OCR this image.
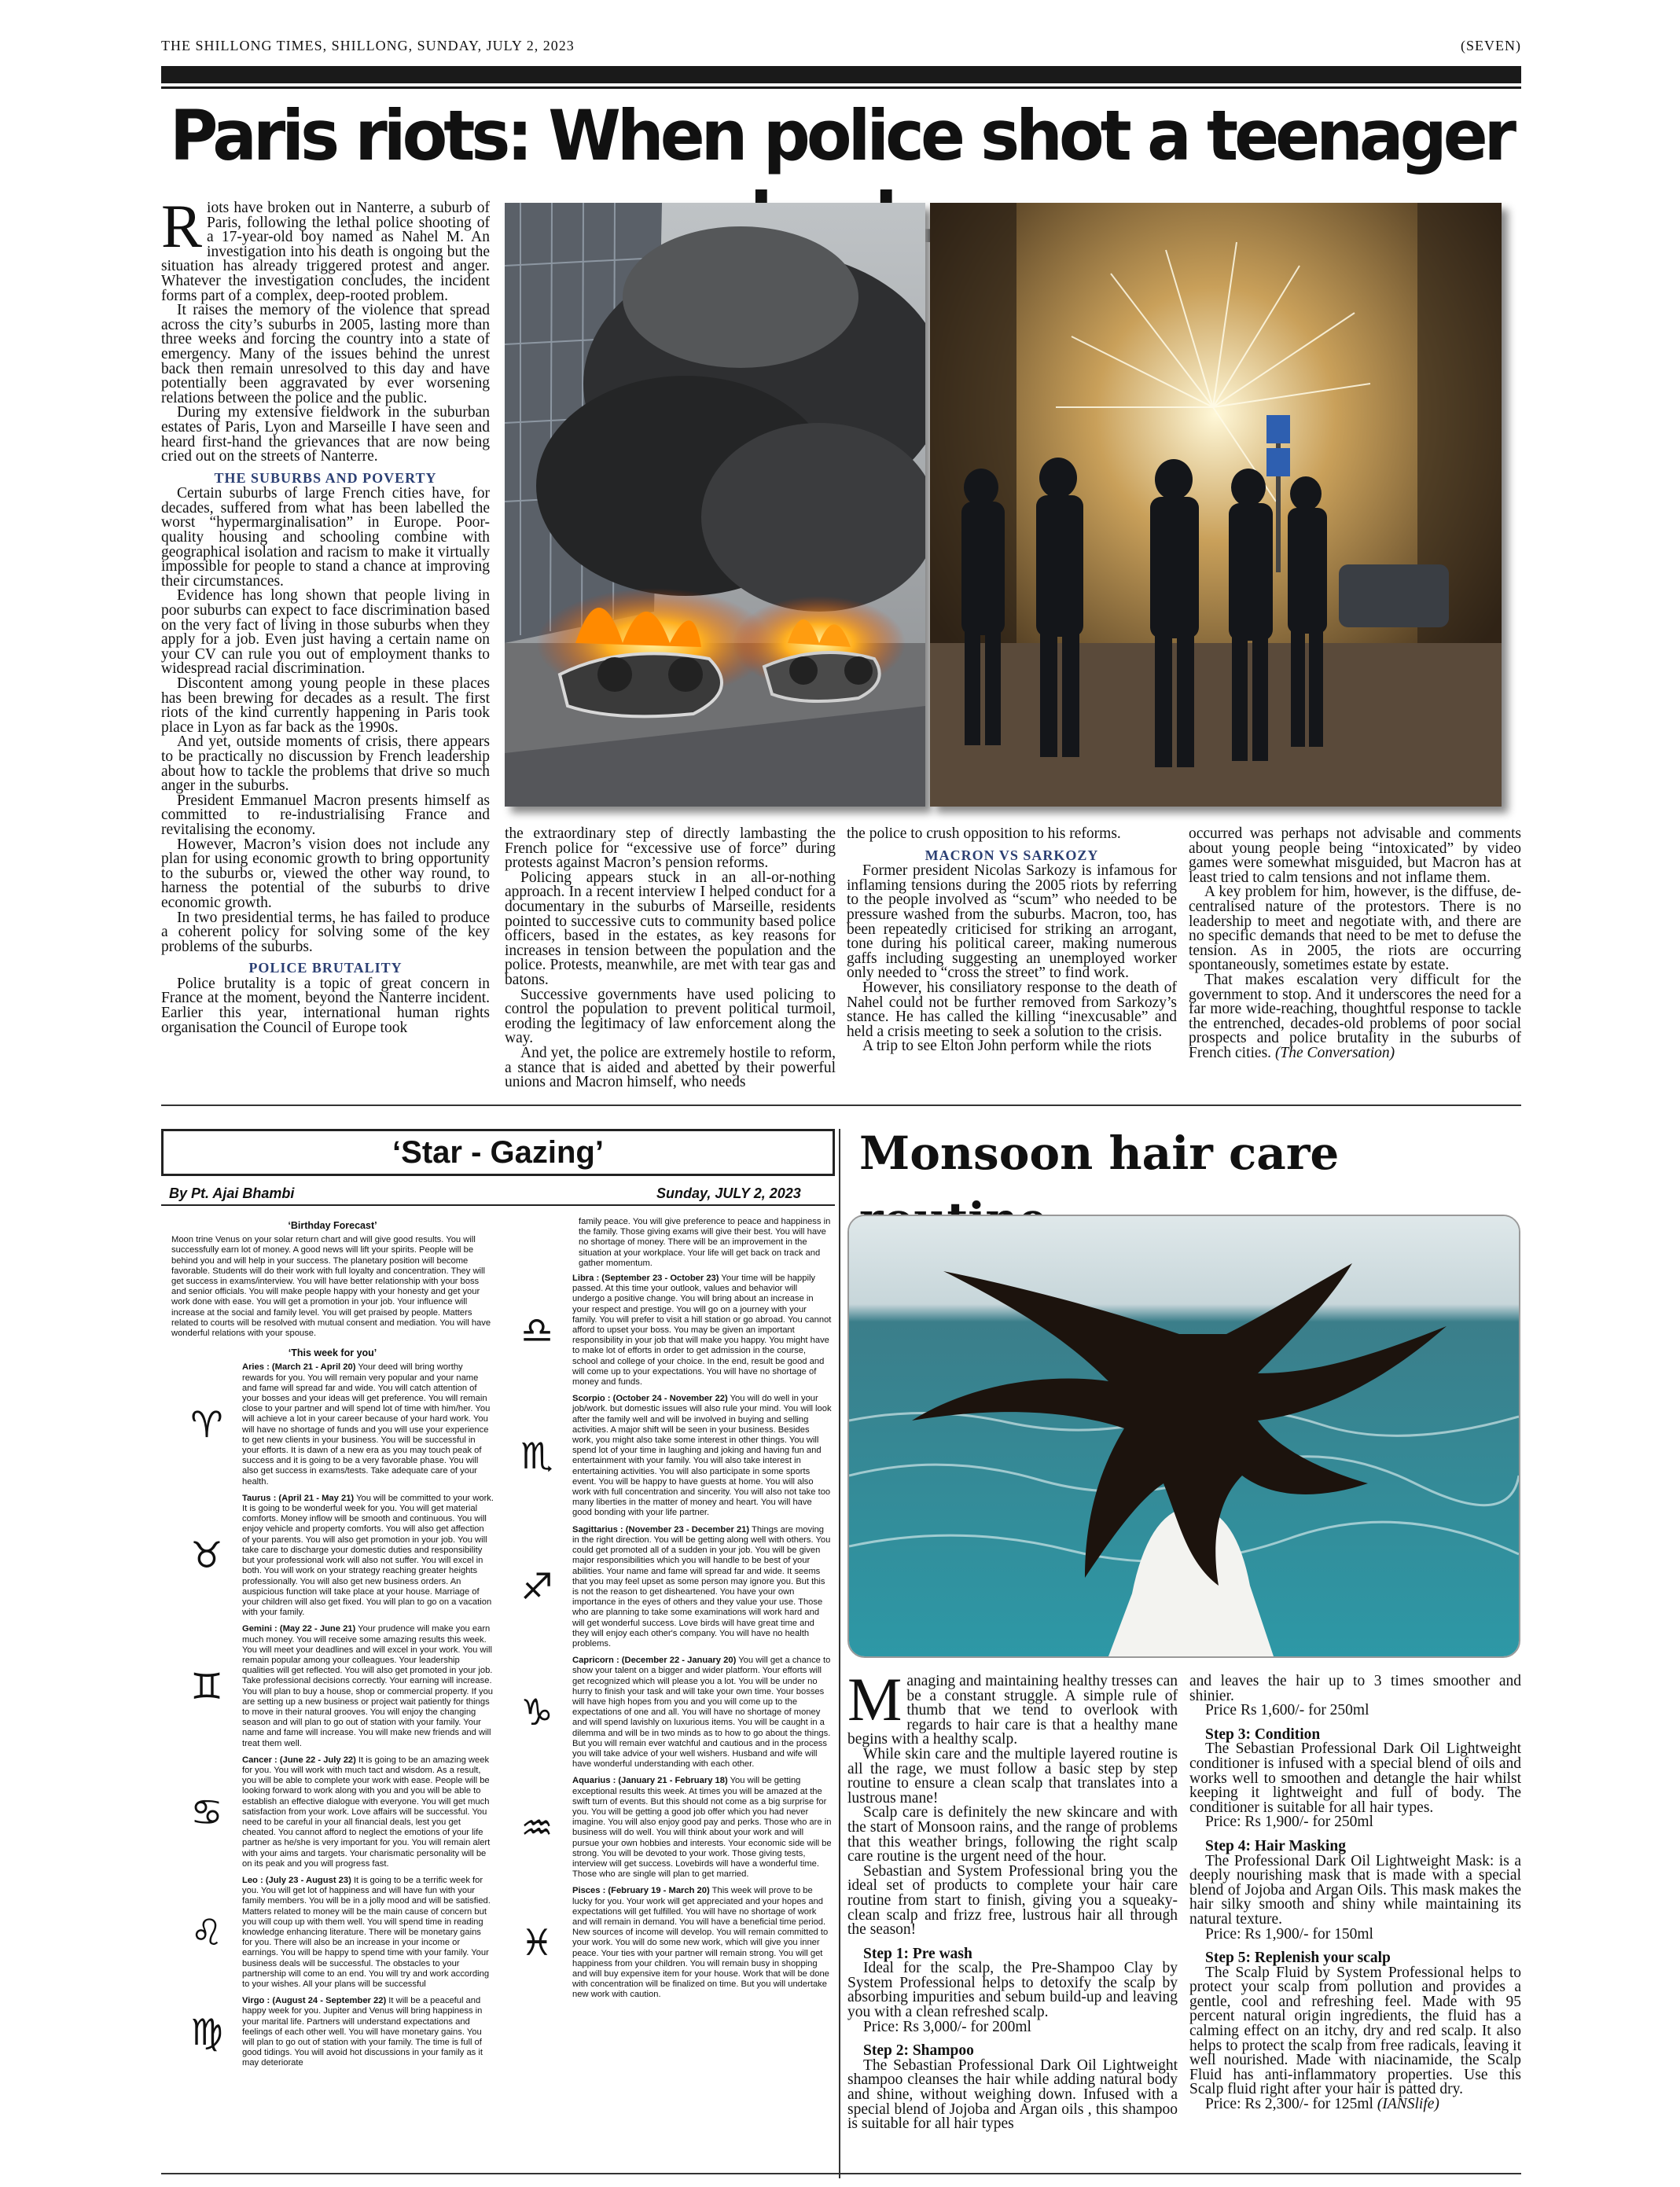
THE SHILLONG TIMES, SHILLONG, SUNDAY, JULY 2, 2023	(SEVEN)
Paris riots: When police shot a teenager

Riots have broken out in Nanterre, a suburb of Paris, following the lethal police shooting of a 17-year-old boy named as Nahel M. An investigation into his death is ongoing but the situation has already triggered protest and anger. Whatever the investigation concludes, the incident forms part of a complex, deep-rooted problem.

It raises the memory of the violence that spread across the city’s suburbs in 2005, lasting more than three weeks and forcing the country into a state of emergency. Many of the issues behind the unrest back then remain unresolved to this day and have potentially been aggravated by ever worsening relations between the police and the public.

During my extensive fieldwork in the suburban estates of Paris, Lyon and Marseille I have seen and heard first-hand the grievances that are now being cried out on the streets of Nanterre.

THE SUBURBS AND POVERTY

Certain suburbs of large French cities have, for decades, suffered from what has been labelled the worst “hypermarginalisation” in Europe. Poor-quality housing and schooling combine with geographical isolation and racism to make it virtually impossible for people to stand a chance at improving their circumstances.

Evidence has long shown that people living in poor suburbs can expect to face discrimination based on the very fact of living in those suburbs when they apply for a job. Even just having a certain name on your CV can rule you out of employment thanks to widespread racial discrimination.

Discontent among young people in these places has been brewing for decades as a result. The first riots of the kind currently happening in Paris took place in Lyon as far back as the 1990s.

And yet, outside moments of crisis, there appears to be practically no discussion by French leadership about how to tackle the problems that drive so much anger in the suburbs.

President Emmanuel Macron presents himself as committed to re-industrialising France and revitalising the economy.

However, Macron’s vision does not include any plan for using economic growth to bring opportunity to the suburbs or, viewed the other way round, to harness the potential of the suburbs to drive economic growth.

In two presidential terms, he has failed to produce a coherent policy for solving some of the key problems of the suburbs.

POLICE BRUTALITY

Police brutality is a topic of great concern in France at the moment, beyond the Nanterre incident. Earlier this year, international human rights organisation the Council of Europe took

the extraordinary step of directly lambasting the French police for “excessive use of force” during protests against Macron’s pension reforms.

Policing appears stuck in an all-or-nothing approach. In a recent interview I helped conduct for a documentary in the suburbs of Marseille, residents pointed to successive cuts to community based police officers, based in the estates, as key reasons for increases in tension between the population and the police. Protests, meanwhile, are met with tear gas and batons.

Successive governments have used policing to control the population to prevent political turmoil, eroding the legitimacy of law enforcement along the way.

And yet, the police are extremely hostile to reform, a stance that is aided and abetted by their powerful unions and Macron himself, who needs

the police to crush opposition to his reforms.

MACRON VS SARKOZY

Former president Nicolas Sarkozy is infamous for inflaming tensions during the 2005 riots by referring to the people involved as “scum” who needed to be pressure washed from the suburbs. Macron, too, has been repeatedly criticised for striking an arrogant, tone during his political career, making numerous gaffs including suggesting an unemployed worker only needed to “cross the street” to find work.

However, his consiliatory response to the death of Nahel could not be further removed from Sarkozy’s stance. He has called the killing “inexcusable” and held a crisis meeting to seek a solution to the crisis.

A trip to see Elton John perform while the riots

occurred was perhaps not advisable and comments about young people being “intoxicated” by video games were somewhat misguided, but Macron has at least tried to calm tensions and not inflame them.

A key problem for him, however, is the diffuse, de-centralised nature of the protestors. There is no leadership to meet and negotiate with, and there are no specific demands that need to be met to defuse the tension. As in 2005, the riots are occurring spontaneously, sometimes estate by estate.

That makes escalation very difficult for the government to stop. And it underscores the need for a far more wide-reaching, thoughtful response to tackle the entrenched, decades-old problems of poor social prospects and police brutality in the suburbs of French cities. (The Conversation)

‘Star - Gazing’
By Pt. Ajai Bhambi	Sunday, JULY 2, 2023
‘Birthday Forecast’
Moon trine Venus on your solar return chart and will give good results. You will successfully earn lot of money. A good news will lift your spirits. People will be behind you and will help in your success. The planetary position will become favorable. Students will do their work with full loyalty and concentration. They will get success in exams/interview. You will have better relationship with your boss and senior officials. You will make people happy with your honesty and get your work done with ease. You will get a promotion in your job. Your influence will increase at the social and family level. You will get praised by people. Matters related to courts will be resolved with mutual consent and mediation. You will have wonderful relations with your spouse.
‘This week for you’
♈
Aries : (March 21 - April 20) Your deed will bring worthy rewards for you. You will remain very popular and your name and fame will spread far and wide. You will catch attention of your bosses and your ideas will get preference. You will remain close to your partner and will spend lot of time with him/her. You will achieve a lot in your career because of your hard work. You will have no shortage of funds and you will use your experience to get new clients in your business. You will be successful in your efforts. It is dawn of a new era as you may touch peak of success and it is going to be a very favorable phase. You will also get success in exams/tests. Take adequate care of your health.
♉
Taurus : (April 21 - May 21) You will be committed to your work. It is going to be wonderful week for you. You will get material comforts. Money inflow will be smooth and continuous. You will enjoy vehicle and property comforts. You will also get affection of your parents. You will also get promotion in your job. You will take care to discharge your domestic duties and responsibility but your professional work will also not suffer. You will excel in both. You will work on your strategy reaching greater heights professionally. You will also get new business orders. An auspicious function will take place at your house. Marriage of your children will also get fixed. You will plan to go on a vacation with your family.
♊
Gemini : (May 22 - June 21) Your prudence will make you earn much money. You will receive some amazing results this week. You will meet your deadlines and will excel in your work. You will remain popular among your colleagues. Your leadership qualities will get reflected. You will also get promoted in your job. Take professional decisions correctly. Your earning will increase. You will plan to buy a house, shop or commercial property. If you are setting up a new business or project wait patiently for things to move in their natural grooves. You will enjoy the changing season and will plan to go out of station with your family. Your name and fame will increase. You will make new friends and will treat them well.
♋
Cancer : (June 22 - July 22) It is going to be an amazing week for you. You will work with much tact and wisdom. As a result, you will be able to complete your work with ease. People will be looking forward to work along with you and you will be able to establish an effective dialogue with everyone. You will get much satisfaction from your work. Love affairs will be successful. You need to be careful in your all financial deals, lest you get cheated. You cannot afford to neglect the emotions of your life partner as he/she is very important for you. You will remain alert with your aims and targets. Your charismatic personality will be on its peak and you will progress fast.
♌
Leo : (July 23 - August 23) It is going to be a terrific week for you. You will get lot of happiness and will have fun with your family members. You will be in a jolly mood and will be satisfied. Matters related to money will be the main cause of concern but you will coup up with them well. You will spend time in reading knowledge enhancing literature. There will be monetary gains for you. There will also be an increase in your income or earnings. You will be happy to spend time with your family. Your business deals will be successful. The obstacles to your partnership will come to an end. You will try and work according to your wishes. All your plans will be successful
♍
Virgo : (August 24 - September 22) It will be a peaceful and happy week for you. Jupiter and Venus will bring happiness in your marital life. Partners will understand expectations and feelings of each other well. You will have monetary gains. You will plan to go out of station with your family. The time is full of good tidings. You will avoid hot discussions in your family as it may deteriorate
family peace. You will give preference to peace and happiness in the family. Those giving exams will give their best. You will have no shortage of money. There will be an improvement in the situation at your workplace. Your life will get back on track and gather momentum.
♎
Libra : (September 23 - October 23) Your time will be happily passed. At this time your outlook, values and behavior will undergo a positive change. You will bring about an increase in your respect and prestige. You will go on a journey with your family. You will prefer to visit a hill station or go abroad. You cannot afford to upset your boss. You may be given an important responsibility in your job that will make you happy. You might have to make lot of efforts in order to get admission in the course, school and college of your choice. In the end, result be good and will come up to your expectations. You will have no shortage of money and funds.
♏
Scorpio : (October 24 - November 22) You will do well in your job/work. but domestic issues will also rule your mind. You will look after the family well and will be involved in buying and selling activities. A major shift will be seen in your business. Besides work, you might also take some interest in other things. You will spend lot of your time in laughing and joking and having fun and entertainment with your family. You will also take interest in entertaining activities. You will also participate in some sports event. You will be happy to have guests at home. You will also work with full concentration and sincerity. You will also not take too many liberties in the matter of money and heart. You will have good bonding with your life partner.
♐
Sagittarius : (November 23 - December 21) Things are moving in the right direction. You will be getting along well with others. You could get promoted all of a sudden in your job. You will be given major responsibilities which you will handle to be best of your abilities. Your name and fame will spread far and wide. It seems that you may feel upset as some person may ignore you. But this is not the reason to get disheartened. You have your own importance in the eyes of others and they value your use. Those who are planning to take some examinations will work hard and will get wonderful success. Love birds will have great time and they will enjoy each other's company. You will have no health problems.
♑
Capricorn : (December 22 - January 20) You will get a chance to show your talent on a bigger and wider platform. Your efforts will get recognized which will please you a lot. You will be under no hurry to finish your task and will take your own time. Your bosses will have high hopes from you and you will come up to the expectations of one and all. You will have no shortage of money and will spend lavishly on luxurious items. You will be caught in a dilemma and will be in two minds as to how to go about the things. But you will remain ever watchful and cautious and in the process you will take advice of your well wishers. Husband and wife will have wonderful understanding with each other.
♒
Aquarius : (January 21 - February 18) You will be getting exceptional results this week. At times you will be amazed at the swift turn of events. But this should not come as a big surprise for you. You will be getting a good job offer which you had never imagine. You will also enjoy good pay and perks. Those who are in business will do well. You will think about your work and will pursue your own hobbies and interests. Your economic side will be strong. You will be devoted to your work. Those giving tests, interview will get success. Lovebirds will have a wonderful time. Those who are single will plan to get married.
♓
Pisces : (February 19 - March 20) This week will prove to be lucky for you. Your work will get appreciated and your hopes and expectations will get fulfilled. You will have no shortage of work and will remain in demand. You will have a beneficial time period. New sources of income will develop. You will remain committed to your work. You will do some new work, which will give you inner peace. Your ties with your partner will remain strong. You will get happiness from your children. You will remain busy in shopping and will buy expensive item for your house. Work that will be done with concentration will be finalized on time. But you will undertake new work with caution.
Monsoon hair care

Managing and maintaining healthy tresses can be a constant struggle. A simple rule of thumb that we tend to overlook with regards to hair care is that a healthy mane begins with a healthy scalp.

While skin care and the multiple layered routine is all the rage, we must follow a basic step by step routine to ensure a clean scalp that translates into a lustrous mane!

Scalp care is definitely the new skincare and with the start of Monsoon rains, and the range of problems that this weather brings, following the right scalp care routine is the urgent need of the hour.

Sebastian and System Professional bring you the ideal set of products to complete your hair care routine from start to finish, giving you a squeaky-clean scalp and frizz free, lustrous hair all through the season!

Step 1: Pre wash

Ideal for the scalp, the Pre-Shampoo Clay by System Professional helps to detoxify the scalp by absorbing impurities and sebum build-up and leaving you with a clean refreshed scalp.

Price: Rs 3,000/- for 200ml

Step 2: Shampoo

The Sebastian Professional Dark Oil Lightweight shampoo cleanses the hair while adding natural body and shine, without weighing down. Infused with a special blend of Jojoba and Argan oils , this shampoo is suitable for all hair types

and leaves the hair up to 3 times smoother and shinier.

Price Rs 1,600/- for 250ml

Step 3: Condition

The Sebastian Professional Dark Oil Lightweight conditioner is infused with a special blend of oils and works well to smoothen and detangle the hair whilst keeping it lightweight and full of body. The conditioner is suitable for all hair types.

Price: Rs 1,900/- for 250ml

Step 4: Hair Masking

The Professional Dark Oil Lightweight Mask: is a deeply nourishing mask that is made with a special blend of Jojoba and Argan Oils. This mask makes the hair silky smooth and shiny while maintaining its natural texture.

Price: Rs 1,900/- for 150ml

Step 5: Replenish your scalp

The Scalp Fluid by System Professional helps to protect your scalp from pollution and provides a gentle, cool and refreshing feel. Made with 95 percent natural origin ingredients, the fluid has a calming effect on an itchy, dry and red scalp. It also helps to protect the scalp from free radicals, leaving it well nourished. Made with niacinamide, the Scalp Fluid has anti-inflammatory properties. Use this Scalp fluid right after your hair is patted dry.

Price: Rs 2,300/- for 125ml (IANSlife)
